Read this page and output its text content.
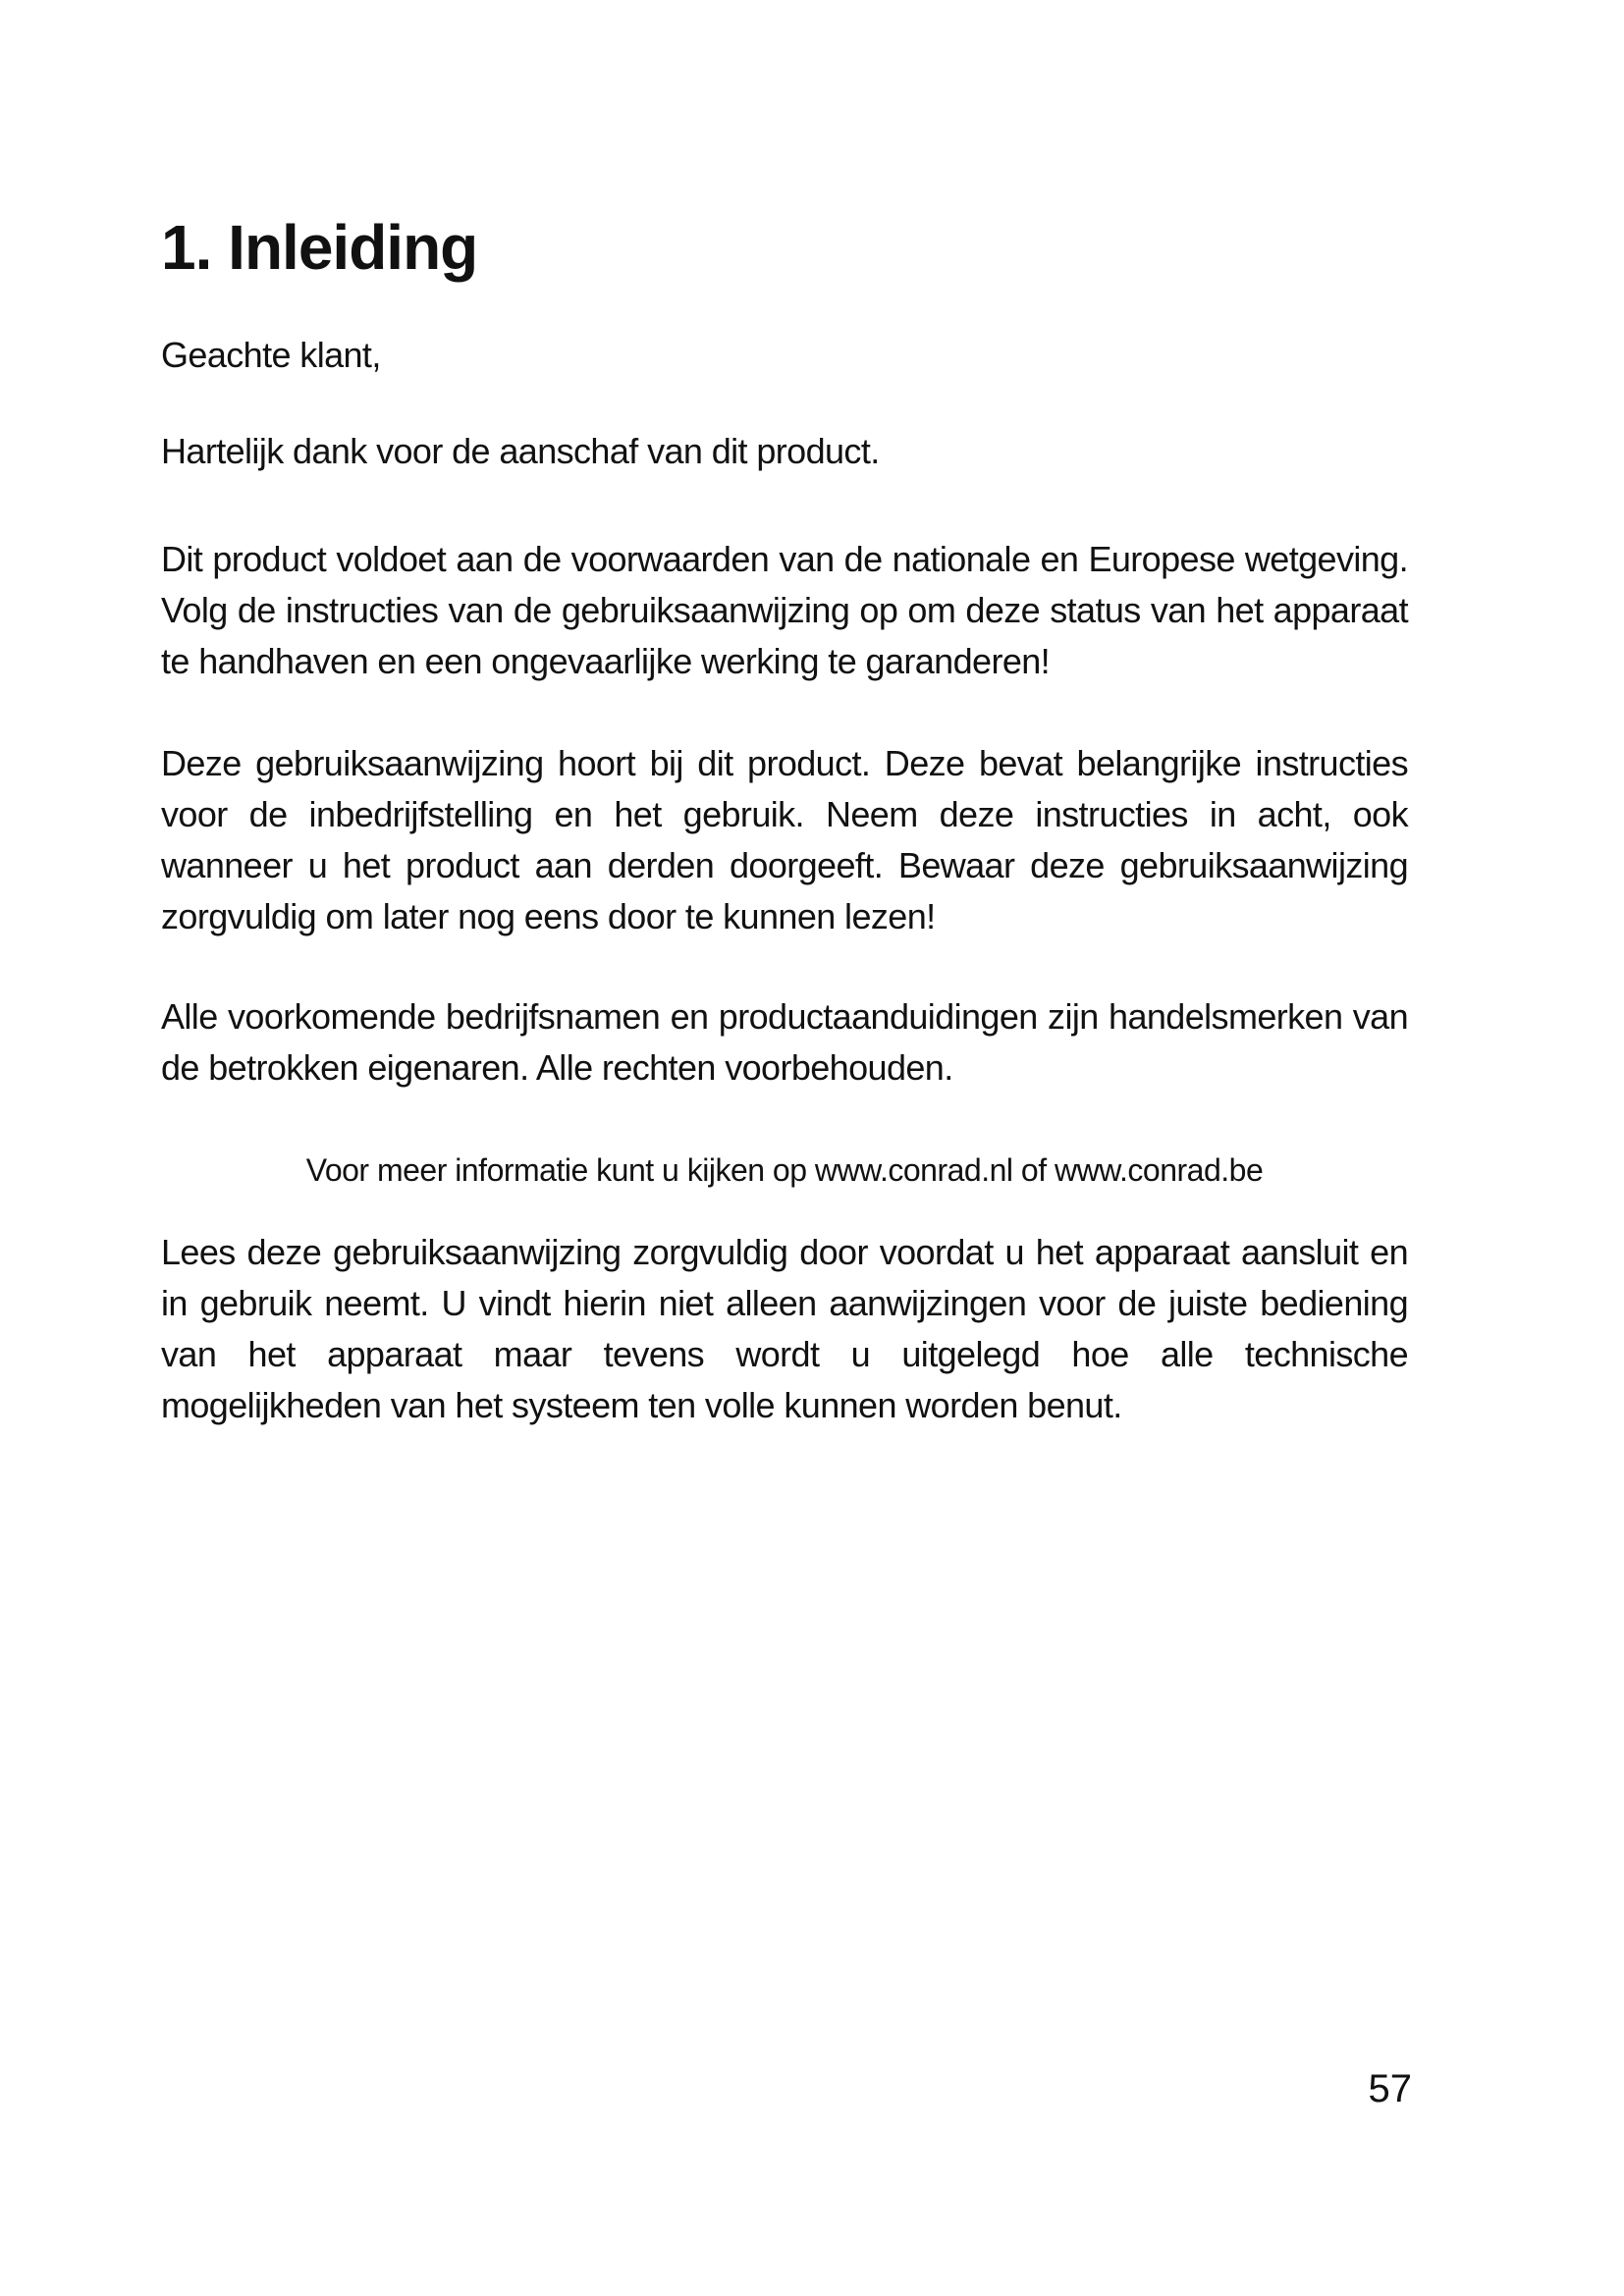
1. Inleiding

Geachte klant,

Hartelijk dank voor de aanschaf van dit product.

Dit product voldoet aan de voorwaarden van de nationale en Europese wetgeving. Volg de instructies van de gebruiksaanwijzing op om deze status van het apparaat te handhaven en een ongevaarlijke werking te garanderen!

Deze gebruiksaanwijzing hoort bij dit product. Deze bevat belangrijke instructies voor de inbedrijfstelling en het gebruik. Neem deze instructies in acht, ook wanneer u het product aan derden doorgeeft. Bewaar deze gebruiksaanwijzing zorgvuldig om later nog eens door te kunnen lezen!

Alle voorkomende bedrijfsnamen en productaanduidingen zijn handelsmerken van de betrokken eigenaren. Alle rechten voorbehouden.

Voor meer informatie kunt u kijken op www.conrad.nl of www.conrad.be

Lees deze gebruiksaanwijzing zorgvuldig door voordat u het apparaat aansluit en in gebruik neemt. U vindt hierin niet alleen aanwijzingen voor de juiste bediening van het apparaat maar tevens wordt u uitgelegd hoe alle technische mogelijkheden van het systeem ten volle kunnen worden benut.

57
